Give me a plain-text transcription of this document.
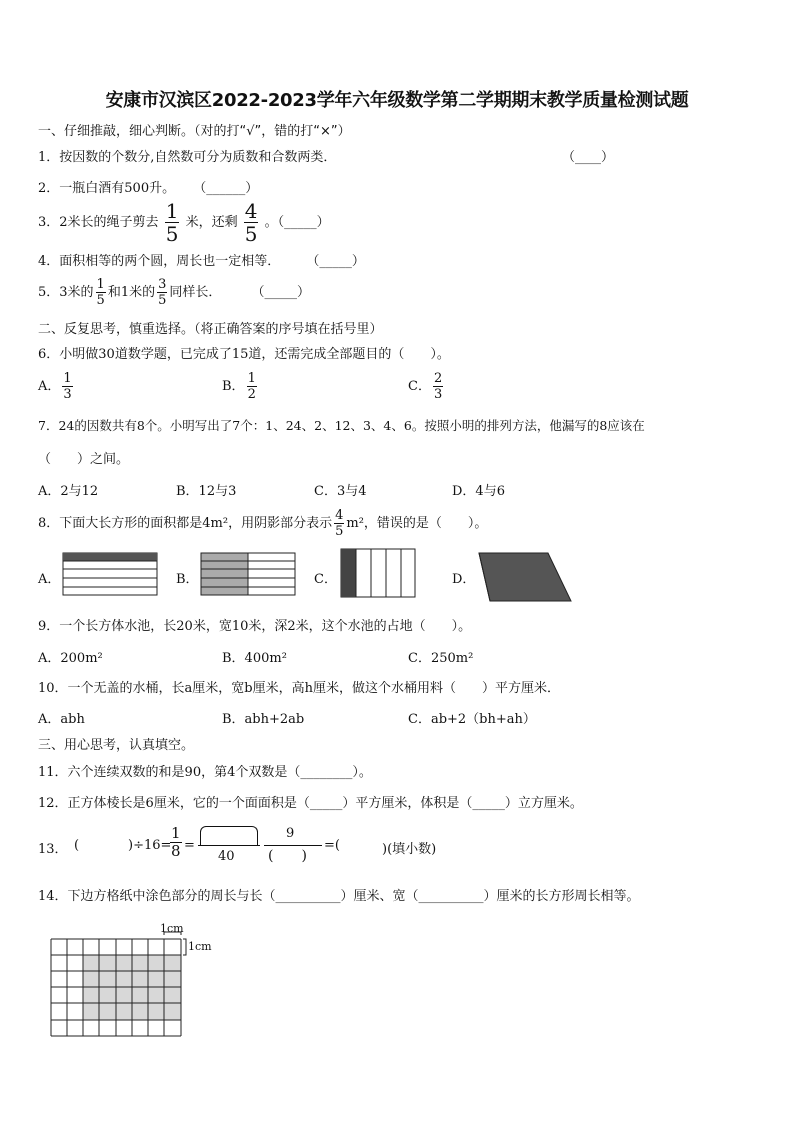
安康市汉滨区2022-2023学年六年级数学第二学期期末教学质量检测试题
一、仔细推敲，细心判断。（对的打“√”，错的打“×”）
1．按因数的个数分,自然数可分为质数和合数两类．	（____）
2．一瓶白酒有500升。 （______）
3．2米长的绳子剪去 $\frac{1}{5}$ 米，还剩 $\frac{4}{5}$ 。（_____）
4．面积相等的两个圆，周长也一定相等． （_____）
5．3米的 $\frac{1}{5}$ 和1米的 $\frac{3}{5}$ 同样长． （_____）
二、反复思考，慎重选择。（将正确答案的序号填在括号里）
6．小明做30道数学题，已完成了15道，还需完成全部题目的（　　）。
A． $\frac{1}{3}$	B． $\frac{1}{2}$	C． $\frac{2}{3}$
7．24的因数共有8个。小明写出了7个：1、24、2、12、3、4、6。按照小明的排列方法，他漏写的8应该在
（　　）之间。
A．2与12	B．12与3	C．3与4	D．4与6
8．下面大长方形的面积都是4m²，用阴影部分表示 $\frac{4}{5} m^2$，错误的是（　　）。
A．	B．	C．	D．
9．一个长方体水池，长20米，宽10米，深2米，这个水池的占地（　　）。
A．200m²	B．400m²	C．250m²
10．一个无盖的水桶，长a厘米，宽b厘米，高h厘米，做这个水桶用料（　　）平方厘米．
A．abh	B．abh+2ab	C．ab+2（bh+ah）
三、用心思考，认真填空。
11．六个连续双数的和是90，第4个双数是（________）。
12．正方体棱长是6厘米，它的一个面面积是（_____）平方厘米，体积是（_____）立方厘米。
13． (	)÷16=
$\frac{1}{8}$ =
40
9
()
=(	)(填小数)
14．下边方格纸中涂色部分的周长与长（__________）厘米、宽（__________）厘米的长方形周长相等。
1cm
1cm
